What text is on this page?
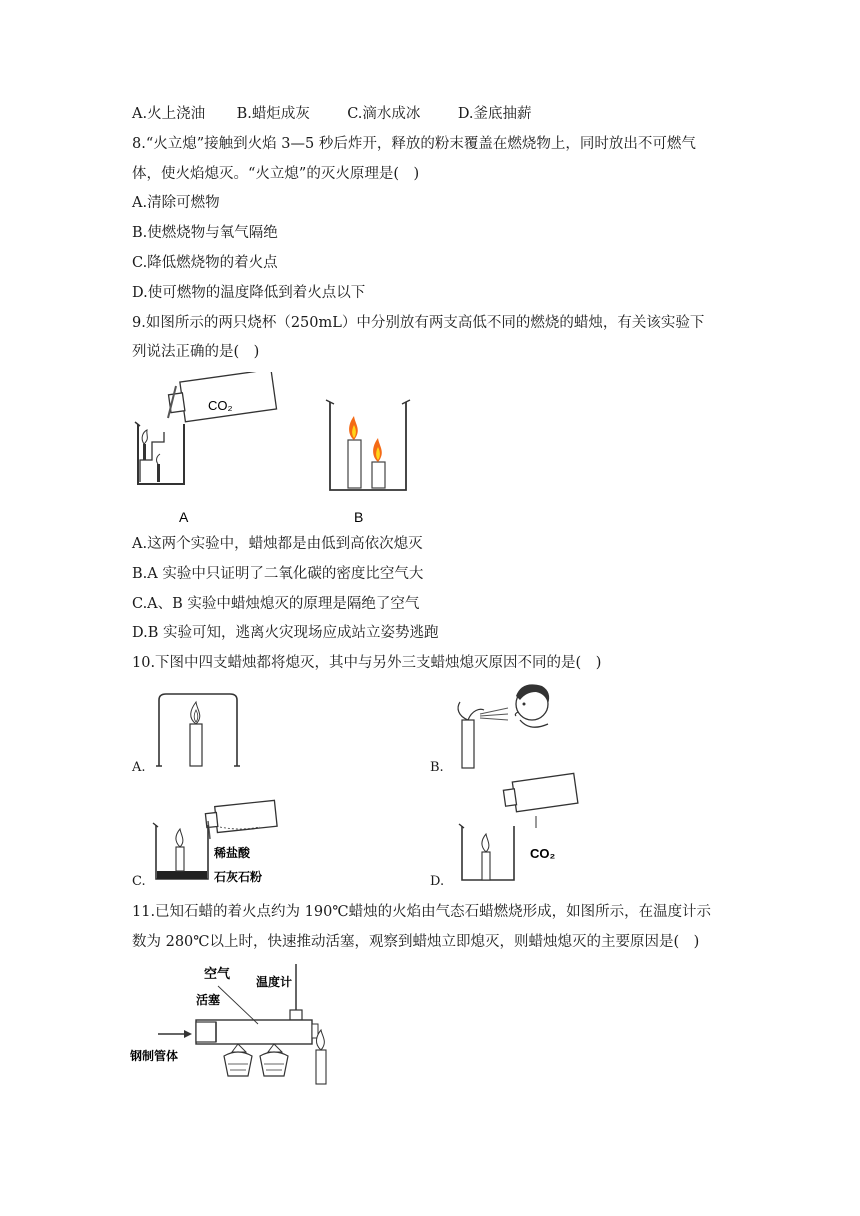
A.火上浇油 B.蜡炬成灰	C.滴水成冰	D.釜底抽薪
8.“火立熄”接触到火焰 3—5 秒后炸开，释放的粉末覆盖在燃烧物上，同时放出不可燃气
体，使火焰熄灭。“火立熄”的灭火原理是(　)
A.清除可燃物
B.使燃烧物与氧气隔绝
C.降低燃烧物的着火点
D.使可燃物的温度降低到着火点以下
9.如图所示的两只烧杯（250mL）中分别放有两支高低不同的燃烧的蜡烛，有关该实验下
列说法正确的是(　)
CO₂
A	B
A.这两个实验中，蜡烛都是由低到高依次熄灭
B.A 实验中只证明了二氧化碳的密度比空气大
C.A、B 实验中蜡烛熄灭的原理是隔绝了空气
D.B 实验可知，逃离火灾现场应成站立姿势逃跑
10.下图中四支蜡烛都将熄灭，其中与另外三支蜡烛熄灭原因不同的是(　)
A.	B.
C.
稀盐酸
石灰石粉	D.
CO₂
11.已知石蜡的着火点约为 190℃蜡烛的火焰由气态石蜡燃烧形成，如图所示，在温度计示
数为 280℃以上时，快速推动活塞，观察到蜡烛立即熄灭，则蜡烛熄灭的主要原因是(　)
空气
温度计
活塞
钢制管体
